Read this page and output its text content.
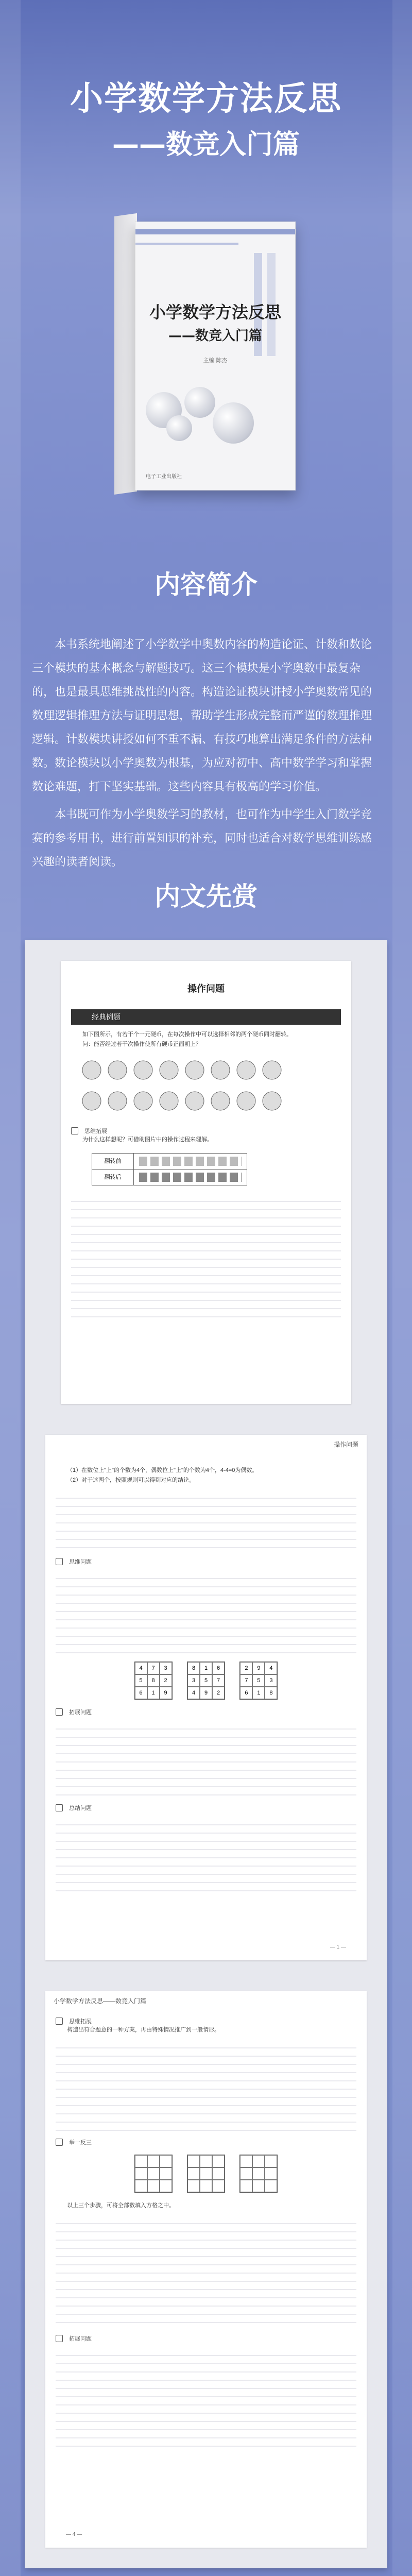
小学数学方法反思
——数竞入门篇
小学数学方法反思
——数竞入门篇
主编 陈杰
电子工业出版社
内容简介

本书系统地阐述了小学数学中奥数内容的构造论证、计数和数论三个模块的基本概念与解题技巧。这三个模块是小学奥数中最复杂的，也是最具思维挑战性的内容。构造论证模块讲授小学奥数常见的数理逻辑推理方法与证明思想，帮助学生形成完整而严谨的数理推理逻辑。计数模块讲授如何不重不漏、有技巧地算出满足条件的方法种数。数论模块以小学奥数为根基，为应对初中、高中数学学习和掌握数论难题，打下坚实基础。这些内容具有极高的学习价值。

本书既可作为小学奥数学习的教材，也可作为中学生入门数学竞赛的参考用书，进行前置知识的补充，同时也适合对数学思维训练感兴趣的读者阅读。

内文先赏
操作问题
经典例题

如下图所示，有若干个一元硬币，在每次操作中可以选择相邻的两个硬币同时翻转。

问：能否经过若干次操作使所有硬币正面朝上？

思维拓展

为什么这样想呢？可借助图片中的操作过程来理解。

翻转前
翻转后
操作问题

（1）在数位上"上"的个数为4个，偶数位上"上"的个数为4个，4-4=0为偶数。

（2）对于这两个，按照规则可以得到对应的结论。

思维问题
4	7	3
5	8	2
6	1	9

8	1	6
3	5	7
4	9	2

2	9	4
7	5	3
6	1	8
拓展问题
总结问题
— 1 —
小学数学方法反思——数竞入门篇
思维拓展

构造出符合题意的一种方案，再由特殊情况推广到一般情形。

举一反三

以上三个步骤，可将全部数填入方格之中。

拓展问题
— 4 —
